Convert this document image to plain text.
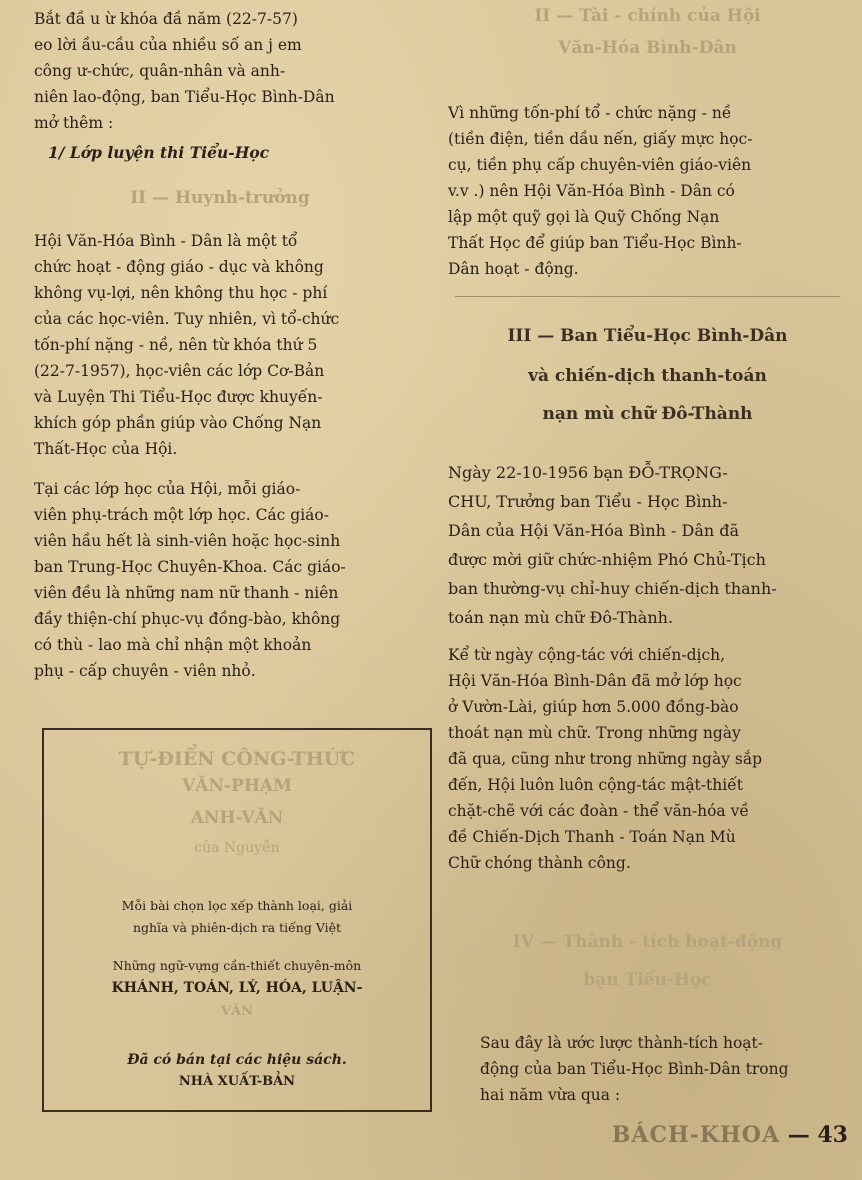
Bắt đầ u ừ khóa đầ năm (22-7-57)
eo lời ầu-cầu của nhiều số an j em
công ư-chức, quân-nhân và anh-
niên lao-động, ban Tiểu-Học Bình-Dân
mở thêm :
1/ Lớp luyện thi Tiểu-Học
II — Huynh-trưởng
Hội Văn-Hóa Bình - Dân là một tổ
chức hoạt - động giáo - dục và không
không vụ-lợi, nên không thu học - phí
của các học-viên. Tuy nhiên, vì tổ-chức
tốn-phí nặng - nề, nên từ khóa thứ 5
(22-7-1957), học-viên các lớp Cơ-Bản
và Luyện Thi Tiểu-Học được khuyến-
khích góp phần giúp vào Chống Nạn
Thất-Học của Hội.
Tại các lớp học của Hội, mỗi giáo-
viên phụ-trách một lớp học. Các giáo-
viên hầu hết là sinh-viên hoặc học-sinh
ban Trung-Học Chuyên-Khoa. Các giáo-
viên đều là những nam nữ thanh - niên
đầy thiện-chí phục-vụ đồng-bào, không
có thù - lao mà chỉ nhận một khoản
phụ - cấp chuyên - viên nhỏ.
TỰ-ĐIỂN CÔNG-THỨC
VĂN-PHẠM
ANH-VĂN
của Nguyễn
Mỗi bài chọn lọc xếp thành loại, giải
nghĩa và phiên-dịch ra tiếng Việt
Những ngữ-vựng cần-thiết chuyên-môn
KHÁNH, TOÁN, LÝ, HÓA, LUẬN-
VĂN
Đã có bán tại các hiệu sách.
NHÀ XUẤT-BẢN
II — Tài - chính của Hội
Văn-Hóa Bình-Dân
Vì những tốn-phí tổ - chức nặng - nề
(tiền điện, tiền dầu nến, giấy mực học-
cụ, tiền phụ cấp chuyên-viên giáo-viên
v.v .) nên Hội Văn-Hóa Bình - Dân có
lập một quỹ gọi là Quỹ Chống Nạn
Thất Học để giúp ban Tiểu-Học Bình-
Dân hoạt - động.
III — Ban Tiểu-Học Bình-Dân
và chiến-dịch thanh-toán
nạn mù chữ Đô-Thành
Ngày 22-10-1956 bạn ĐỖ-TRỌNG-
CHU, Trưởng ban Tiểu - Học Bình-
Dân của Hội Văn-Hóa Bình - Dân đã
được mời giữ chức-nhiệm Phó Chủ-Tịch
ban thường-vụ chỉ-huy chiến-dịch thanh-
toán nạn mù chữ Đô-Thành.
Kể từ ngày cộng-tác với chiến-dịch,
Hội Văn-Hóa Bình-Dân đã mở lớp học
ở Vườn-Lài, giúp hơn 5.000 đồng-bào
thoát nạn mù chữ. Trong những ngày
đã qua, cũng như trong những ngày sắp
đến, Hội luôn luôn cộng-tác mật-thiết
chặt-chẽ với các đoàn - thể văn-hóa về
đề Chiến-Dịch Thanh - Toán Nạn Mù
Chữ chóng thành công.
IV — Thành - tích hoạt-động
bạn Tiểu-Học
Sau đây là ước lược thành-tích hoạt-
động của ban Tiểu-Học Bình-Dân trong
hai năm vừa qua :
BÁCH-KHOA — 43
